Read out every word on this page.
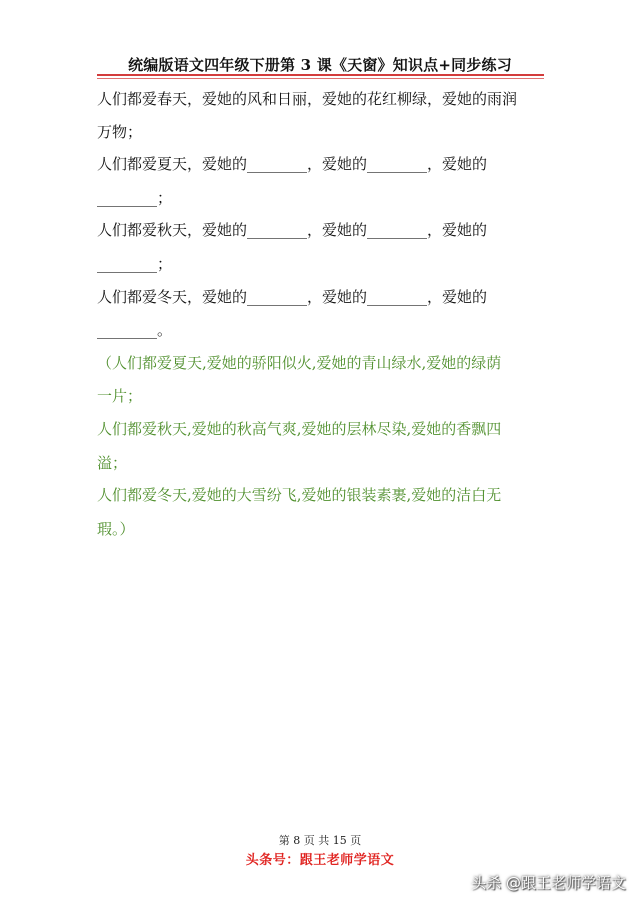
统编版语文四年级下册第 3 课《天窗》知识点+同步练习
人们都爱春天，爱她的风和日丽，爱她的花红柳绿，爱她的雨润
万物；
人们都爱夏天，爱她的________，爱她的________，爱她的
________；
人们都爱秋天，爱她的________，爱她的________，爱她的
________；
人们都爱冬天，爱她的________，爱她的________，爱她的
________。
（人们都爱夏天,爱她的骄阳似火,爱她的青山绿水,爱她的绿荫
一片；
人们都爱秋天,爱她的秋高气爽,爱她的层林尽染,爱她的香飘四
溢；
人们都爱冬天,爱她的大雪纷飞,爱她的银装素裹,爱她的洁白无
瑕。）
第 8 页 共 15 页
头条号：跟王老师学语文
头杀 @跟王老师学语文
